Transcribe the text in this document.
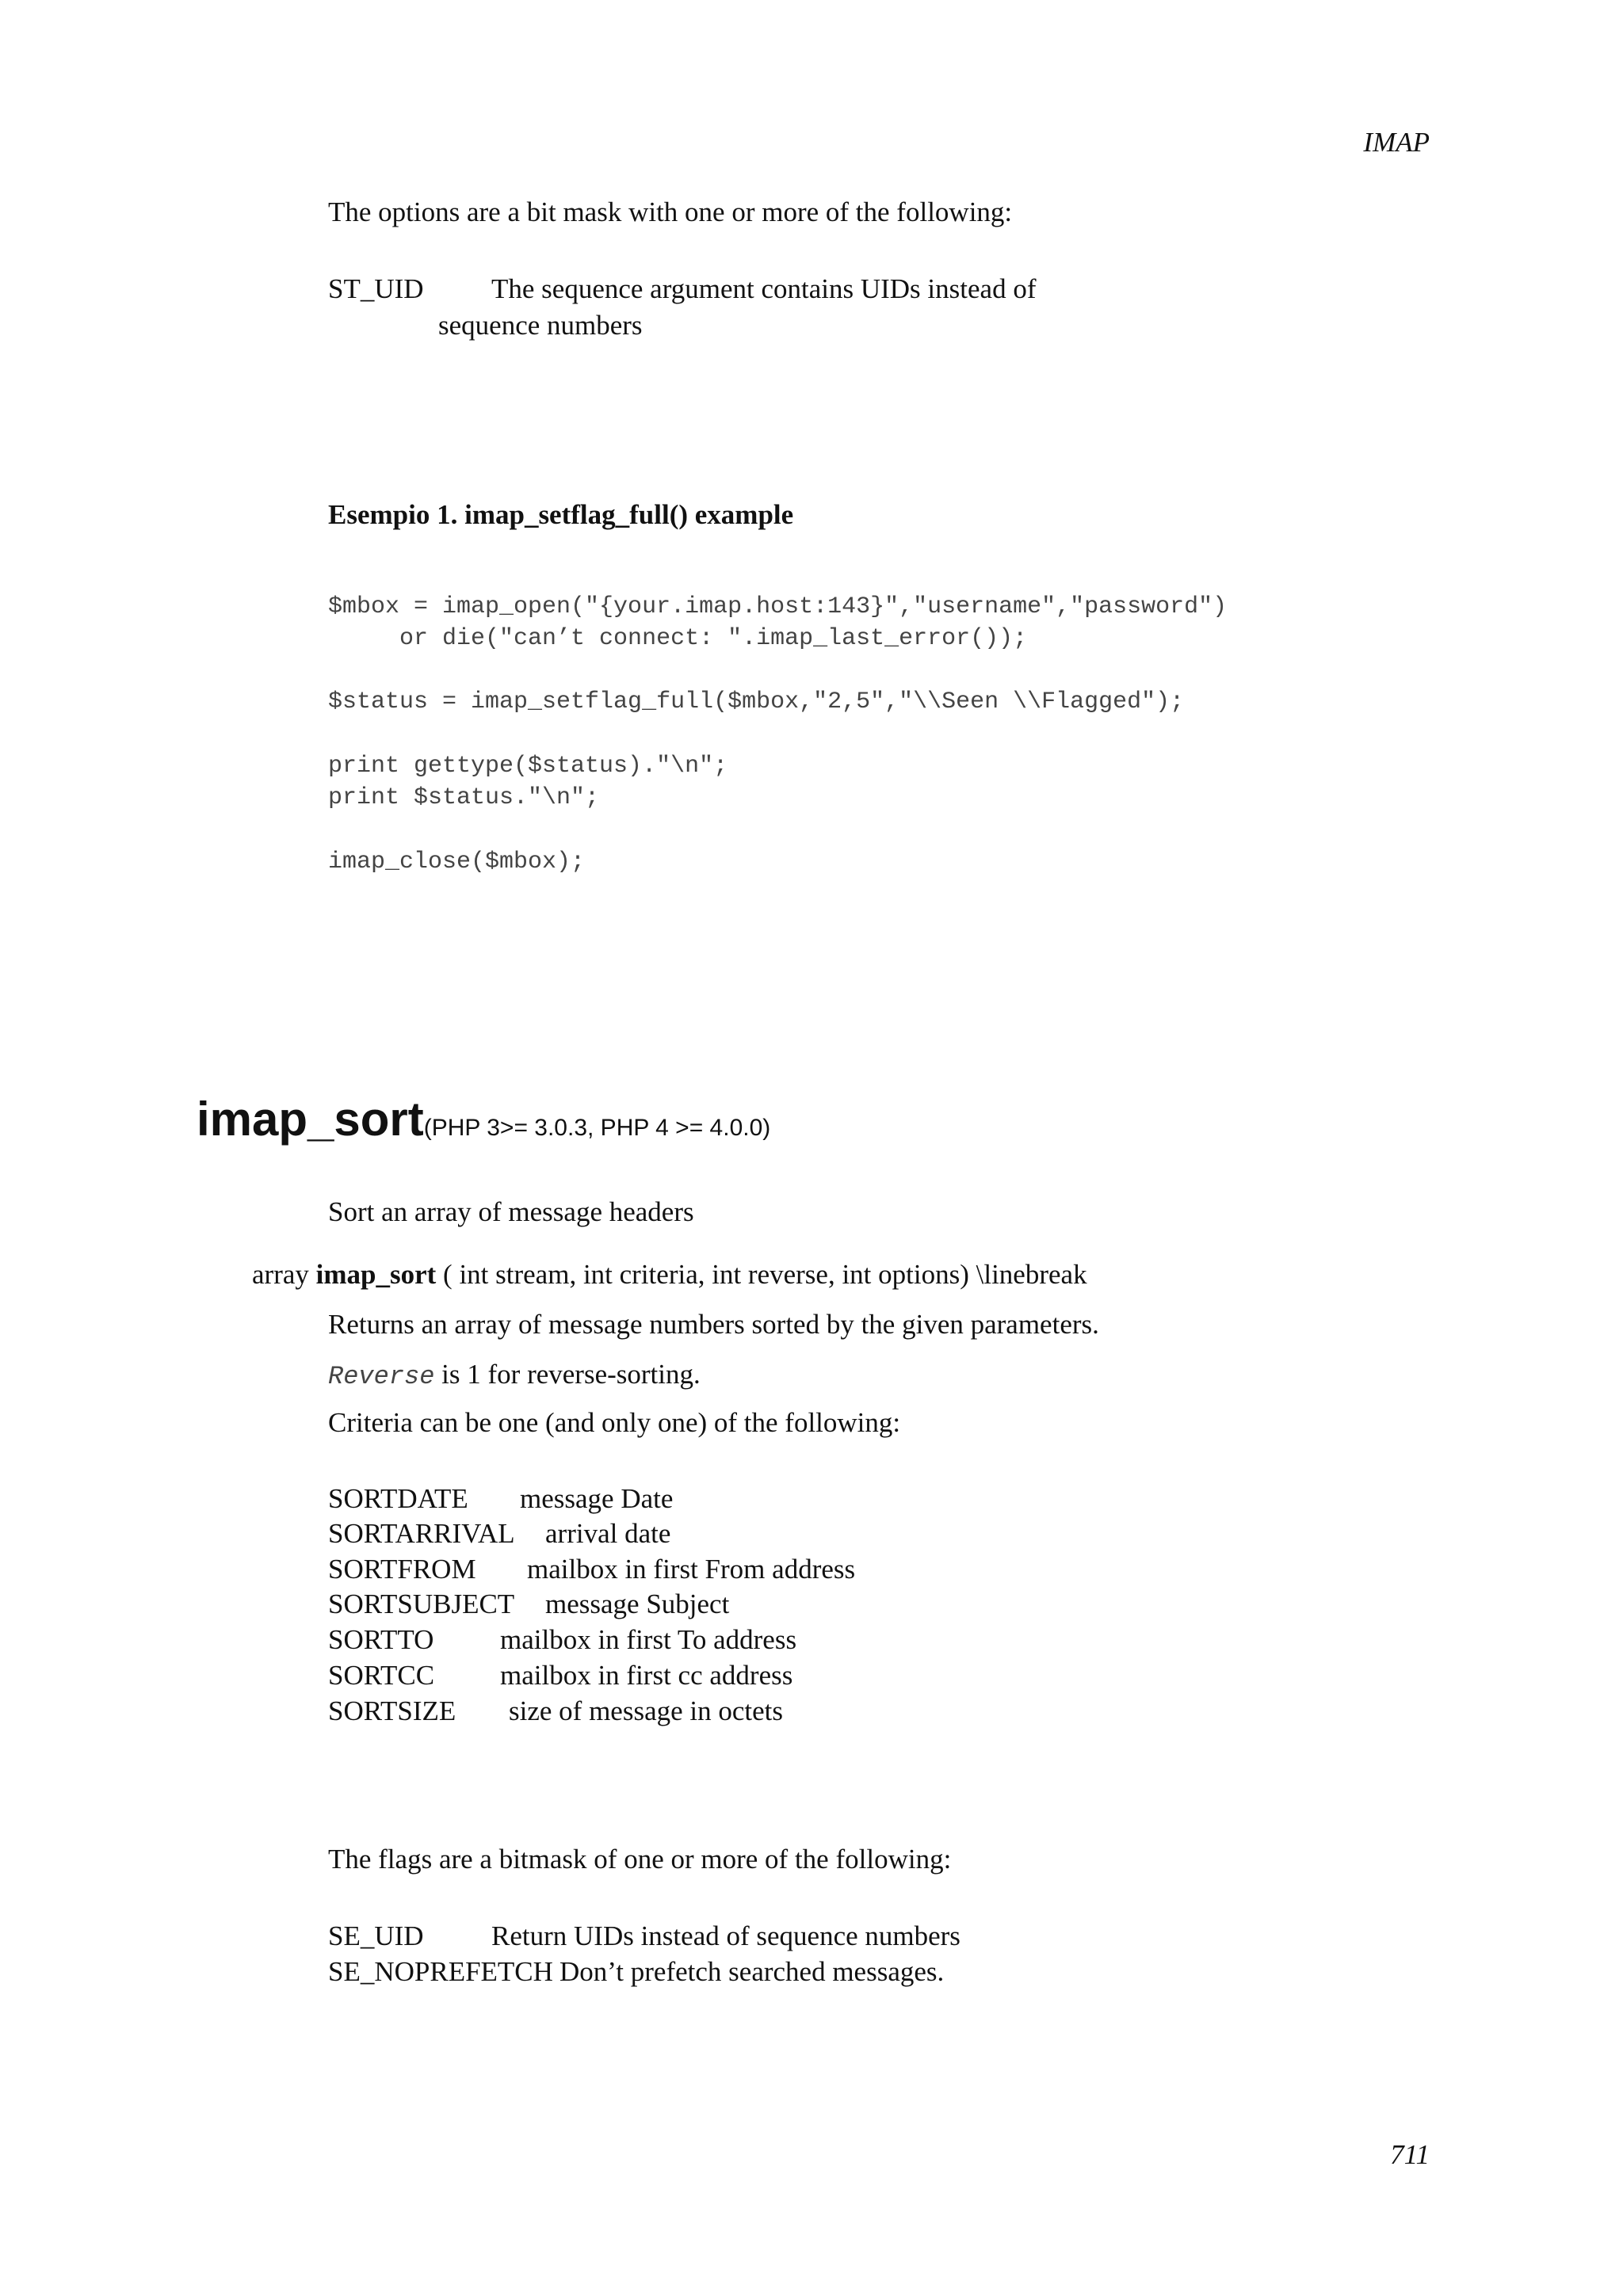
IMAP
The options are a bit mask with one or more of the following:
ST_UID The sequence argument contains UIDs instead of
sequence numbers
Esempio 1. imap_setflag_full() example
$mbox = imap_open("{your.imap.host:143}","username","password")
or die("can’t connect: ".imap_last_error());
$status = imap_setflag_full($mbox,"2,5","\\Seen \\Flagged");
print gettype($status)."\n";
print $status."\n";
imap_close($mbox);
imap_sort(PHP 3>= 3.0.3, PHP 4 >= 4.0.0)
Sort an array of message headers
array imap_sort ( int stream, int criteria, int reverse, int options) \linebreak
Returns an array of message numbers sorted by the given parameters.
Reverse is 1 for reverse-sorting.
Criteria can be one (and only one) of the following:
SORTDATE message Date
SORTARRIVAL arrival date
SORTFROM mailbox in first From address
SORTSUBJECT message Subject
SORTTO mailbox in first To address
SORTCC mailbox in first cc address
SORTSIZE size of message in octets
The flags are a bitmask of one or more of the following:
SE_UID Return UIDs instead of sequence numbers
SE_NOPREFETCH Don’t prefetch searched messages.
711
